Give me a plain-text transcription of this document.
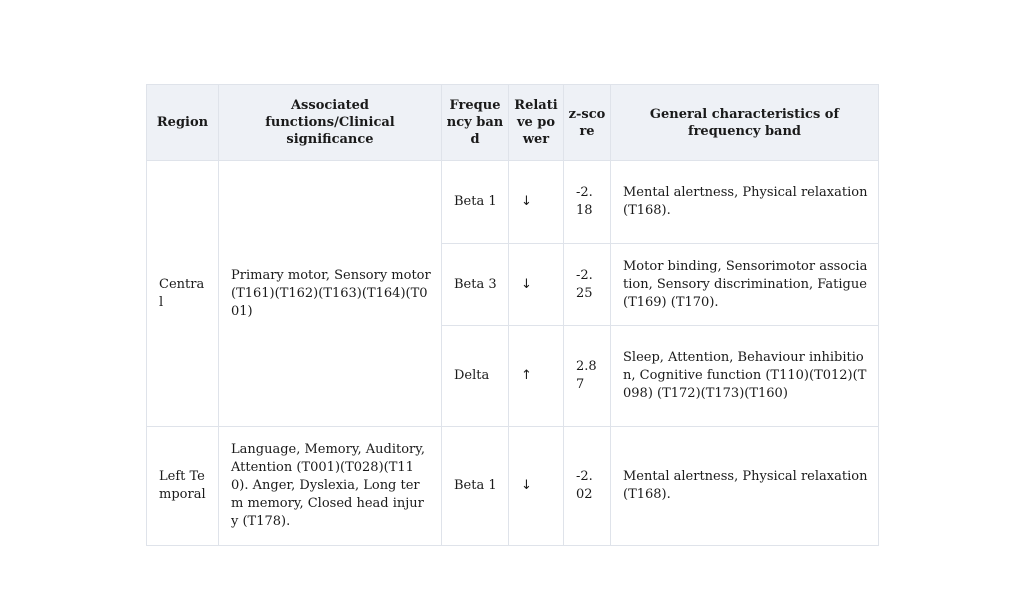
Region	Associated functions/Clinical significance	Frequency band	Relative power	z-score	General characteristics of frequency band
Central	Primary motor, Sensory motor (T161)(T162)(T163)(T164)(T001)	Beta 1	↓	-2.18	Mental alertness, Physical relaxation (T168).
		Beta 3	↓	-2.25	Motor binding, Sensorimotor association, Sensory discrimination, Fatigue (T169) (T170).
		Delta	↑	2.87	Sleep, Attention, Behaviour inhibition, Cognitive function (T110)(T012)(T098) (T172)(T173)(T160)
Left Temporal	Language, Memory, Auditory, Attention (T001)(T028)(T110). Anger, Dyslexia, Long term memory, Closed head injury (T178).	Beta 1	↓	-2.02	Mental alertness, Physical relaxation (T168).
